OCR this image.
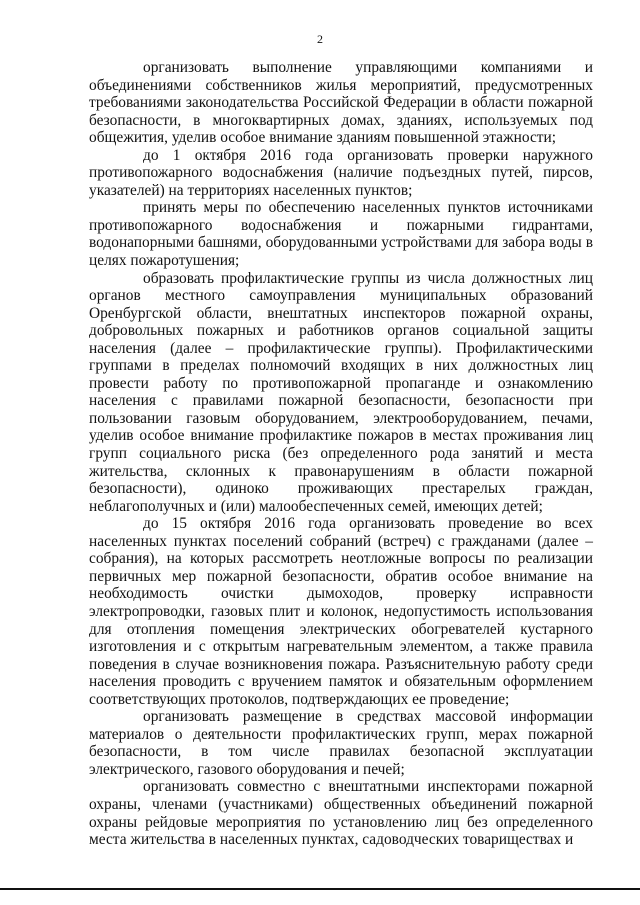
2

организовать выполнение управляющими компаниями и объединениями собственников жилья мероприятий, предусмотренных требованиями законодательства Российской Федерации в области пожарной безопасности, в многоквартирных домах, зданиях, используемых под общежития, уделив особое внимание зданиям повышенной этажности;

до 1 октября 2016 года организовать проверки наружного противопожарного водоснабжения (наличие подъездных путей, пирсов, указателей) на территориях населенных пунктов;

принять меры по обеспечению населенных пунктов источниками противопожарного водоснабжения и пожарными гидрантами, водонапорными башнями, оборудованными устройствами для забора воды в целях пожаротушения;

образовать профилактические группы из числа должностных лиц органов местного самоуправления муниципальных образований Оренбургской области, внештатных инспекторов пожарной охраны, добровольных пожарных и работников органов социальной защиты населения (далее – профилактические группы). Профилактическими группами в пределах полномочий входящих в них должностных лиц провести работу по противопожарной пропаганде и ознакомлению населения с правилами пожарной безопасности, безопасности при пользовании газовым оборудованием, электрооборудованием, печами, уделив особое внимание профилактике пожаров в местах проживания лиц групп социального риска (без определенного рода занятий и места жительства, склонных к правонарушениям в области пожарной безопасности), одиноко проживающих престарелых граждан, неблагополучных и (или) малообеспеченных семей, имеющих детей;

до 15 октября 2016 года организовать проведение во всех населенных пунктах поселений собраний (встреч) с гражданами (далее – собрания), на которых рассмотреть неотложные вопросы по реализации первичных мер пожарной безопасности, обратив особое внимание на необходимость очистки дымоходов, проверку исправности электропроводки, газовых плит и колонок, недопустимость использования для отопления помещения электрических обогревателей кустарного изготовления и с открытым нагревательным элементом, а также правила поведения в случае возникновения пожара. Разъяснительную работу среди населения проводить с вручением памяток и обязательным оформлением соответствующих протоколов, подтверждающих ее проведение;

организовать размещение в средствах массовой информации материалов о деятельности профилактических групп, мерах пожарной безопасности, в том числе правилах безопасной эксплуатации электрического, газового оборудования и печей;

организовать совместно с внештатными инспекторами пожарной охраны, членами (участниками) общественных объединений пожарной охраны рейдовые мероприятия по установлению лиц без определенного места жительства в населенных пунктах, садоводческих товариществах и
